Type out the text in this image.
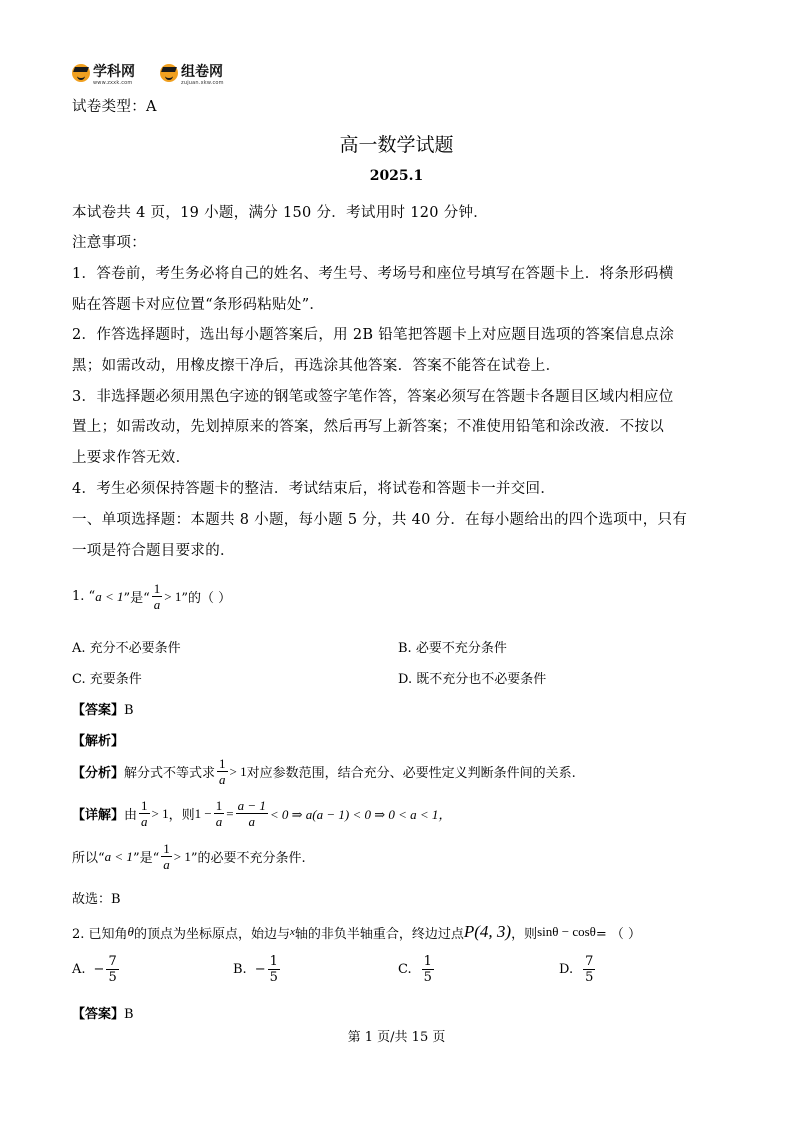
学科网
www.zxxk.com
组卷网
zujuan.xkw.com
试卷类型：A
高一数学试题
2025.1
本试卷共 4 页，19 小题，满分 150 分．考试用时 120 分钟．
注意事项：
1．答卷前，考生务必将自己的姓名、考生号、考场号和座位号填写在答题卡上．将条形码横
贴在答题卡对应位置“条形码粘贴处”．
2．作答选择题时，选出每小题答案后，用 2B 铅笔把答题卡上对应题目选项的答案信息点涂
黑；如需改动，用橡皮擦干净后，再选涂其他答案．答案不能答在试卷上．
3．非选择题必须用黑色字迹的钢笔或签字笔作答，答案必须写在答题卡各题目区域内相应位
置上；如需改动，先划掉原来的答案，然后再写上新答案；不准使用铅笔和涂改液．不按以
上要求作答无效．
4．考生必须保持答题卡的整洁．考试结束后，将试卷和答题卡一并交回．
一、单项选择题：本题共 8 小题，每小题 5 分，共 40 分．在每小题给出的四个选项中，只有
一项是符合题目要求的．
1. “ a < 1 ”是“ $\frac{1}{a} > 1$ ”的（ ）
A. 充分不必要条件	B. 必要不充分条件
C. 充要条件	D. 既不充分也不必要条件
【答案】B
【解析】
【分析】 解分式不等式求 $\frac{1}{a} > 1$ 对应参数范围，结合充分、必要性定义判断条件间的关系.
【详解】 由 $\frac{1}{a} > 1$ ，则 $1 - \frac{1}{a} = \frac{a - 1}{a} < 0$ ⇒ a(a − 1) < 0 ⇒ 0 < a < 1，
所以“ a < 1 ”是“ $\frac{1}{a} > 1$ ”的必要不充分条件.
故选：B
2. 已知角 θ 的顶点为坐标原点，始边与 x 轴的非负半轴重合，终边过点 P(4, 3) ，则 sinθ − cosθ = （ ）
A. − $\frac{7}{5}$	B. − $\frac{1}{5}$	C. $\frac{1}{5}$	D. $\frac{7}{5}$
【答案】B
第 1 页/共 15 页
